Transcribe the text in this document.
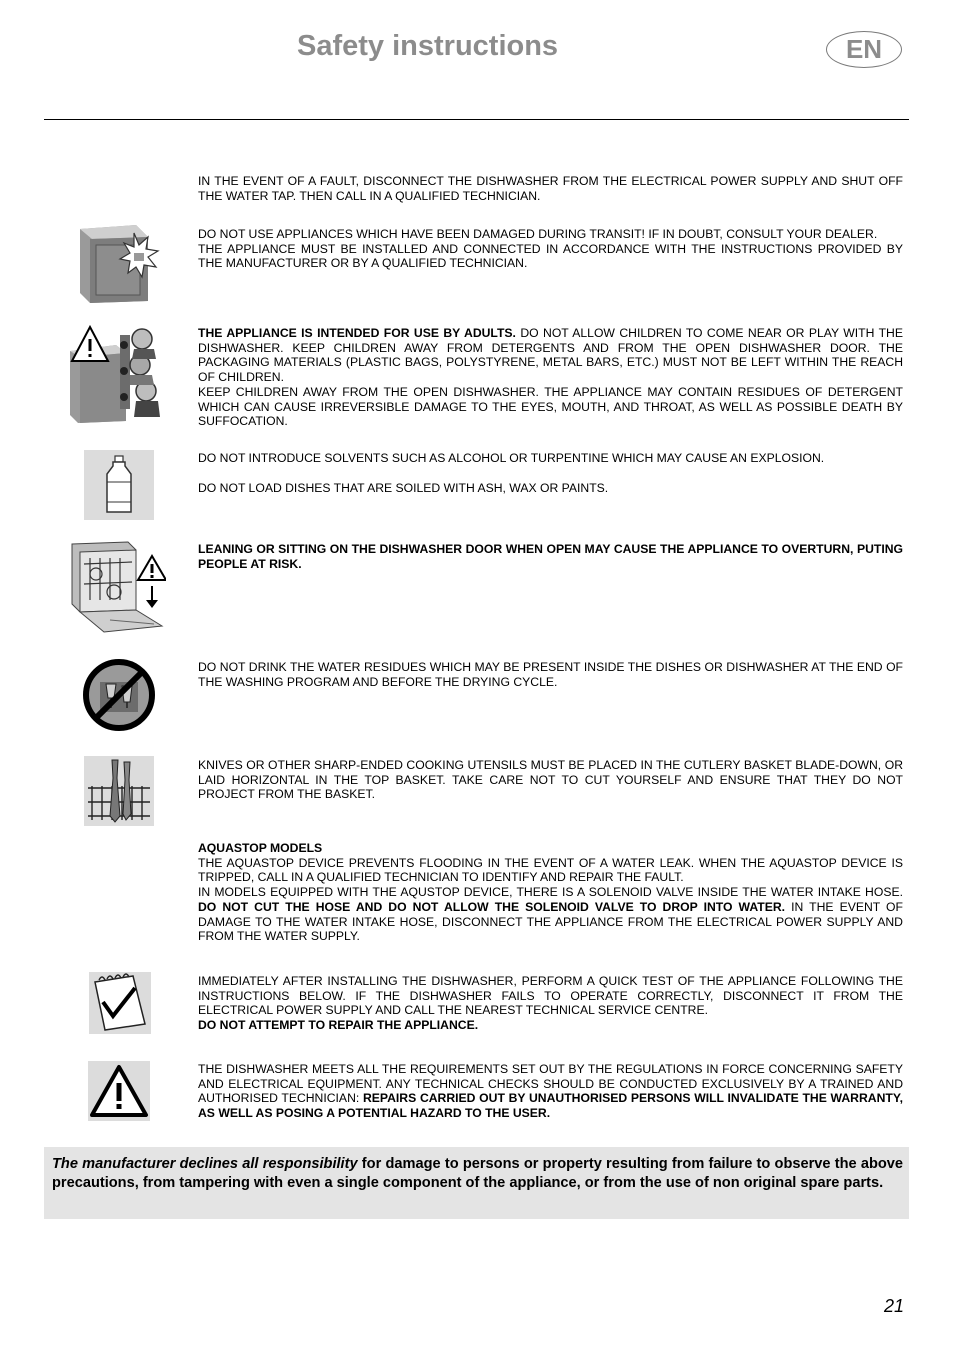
Safety instructions	EN

IN THE EVENT OF A FAULT, DISCONNECT THE DISHWASHER FROM THE ELECTRICAL POWER SUPPLY AND SHUT OFF THE WATER TAP. THEN CALL IN A QUALIFIED TECHNICIAN.

DO NOT USE APPLIANCES WHICH HAVE BEEN DAMAGED DURING TRANSIT! IF IN DOUBT, CONSULT YOUR DEALER.

THE APPLIANCE MUST BE INSTALLED AND CONNECTED IN ACCORDANCE WITH THE INSTRUCTIONS PROVIDED BY THE MANUFACTURER OR BY A QUALIFIED TECHNICIAN.

THE APPLIANCE IS INTENDED FOR USE BY ADULTS. DO NOT ALLOW CHILDREN TO COME NEAR OR PLAY WITH THE DISHWASHER. KEEP CHILDREN AWAY FROM DETERGENTS AND FROM THE OPEN DISHWASHER DOOR. THE PACKAGING MATERIALS (PLASTIC BAGS, POLYSTYRENE, METAL BARS, ETC.) MUST NOT BE LEFT WITHIN THE REACH OF CHILDREN.

KEEP CHILDREN AWAY FROM THE OPEN DISHWASHER. THE APPLIANCE MAY CONTAIN RESIDUES OF DETERGENT WHICH CAN CAUSE IRREVERSIBLE DAMAGE TO THE EYES, MOUTH, AND THROAT, AS WELL AS POSSIBLE DEATH BY SUFFOCATION.

DO NOT INTRODUCE SOLVENTS SUCH AS ALCOHOL OR TURPENTINE WHICH MAY CAUSE AN EXPLOSION.

DO NOT LOAD DISHES THAT ARE SOILED WITH ASH, WAX OR PAINTS.

LEANING OR SITTING ON THE DISHWASHER DOOR WHEN OPEN MAY CAUSE THE APPLIANCE TO OVERTURN, PUTING PEOPLE AT RISK.

DO NOT DRINK THE WATER RESIDUES WHICH MAY BE PRESENT INSIDE THE DISHES OR DISHWASHER AT THE END OF THE WASHING PROGRAM AND BEFORE THE DRYING CYCLE.

KNIVES OR OTHER SHARP-ENDED COOKING UTENSILS MUST BE PLACED IN THE CUTLERY BASKET BLADE-DOWN, OR LAID HORIZONTAL IN THE TOP BASKET. TAKE CARE NOT TO CUT YOURSELF AND ENSURE THAT THEY DO NOT PROJECT FROM THE BASKET.

AQUASTOP MODELS

THE AQUASTOP DEVICE PREVENTS FLOODING IN THE EVENT OF A WATER LEAK. WHEN THE AQUASTOP DEVICE IS TRIPPED, CALL IN A QUALIFIED TECHNICIAN TO IDENTIFY AND REPAIR THE FAULT.

IN MODELS EQUIPPED WITH THE AQUSTOP DEVICE, THERE IS A SOLENOID VALVE INSIDE THE WATER INTAKE HOSE. DO NOT CUT THE HOSE AND DO NOT ALLOW THE SOLENOID VALVE TO DROP INTO WATER. IN THE EVENT OF DAMAGE TO THE WATER INTAKE HOSE, DISCONNECT THE APPLIANCE FROM THE ELECTRICAL POWER SUPPLY AND FROM THE WATER SUPPLY.

IMMEDIATELY AFTER INSTALLING THE DISHWASHER, PERFORM A QUICK TEST OF THE APPLIANCE FOLLOWING THE INSTRUCTIONS BELOW. IF THE DISHWASHER FAILS TO OPERATE CORRECTLY, DISCONNECT IT FROM THE ELECTRICAL POWER SUPPLY AND CALL THE NEAREST TECHNICAL SERVICE CENTRE.

DO NOT ATTEMPT TO REPAIR THE APPLIANCE.

THE DISHWASHER MEETS ALL THE REQUIREMENTS SET OUT BY THE REGULATIONS IN FORCE CONCERNING SAFETY AND ELECTRICAL EQUIPMENT. ANY TECHNICAL CHECKS SHOULD BE CONDUCTED EXCLUSIVELY BY A TRAINED AND AUTHORISED TECHNICIAN: REPAIRS CARRIED OUT BY UNAUTHORISED PERSONS WILL INVALIDATE THE WARRANTY, AS WELL AS POSING A POTENTIAL HAZARD TO THE USER.

The manufacturer declines all responsibility for damage to persons or property resulting from failure to observe the above precautions, from tampering with even a single component of the appliance, or from the use of non original spare parts.
21
